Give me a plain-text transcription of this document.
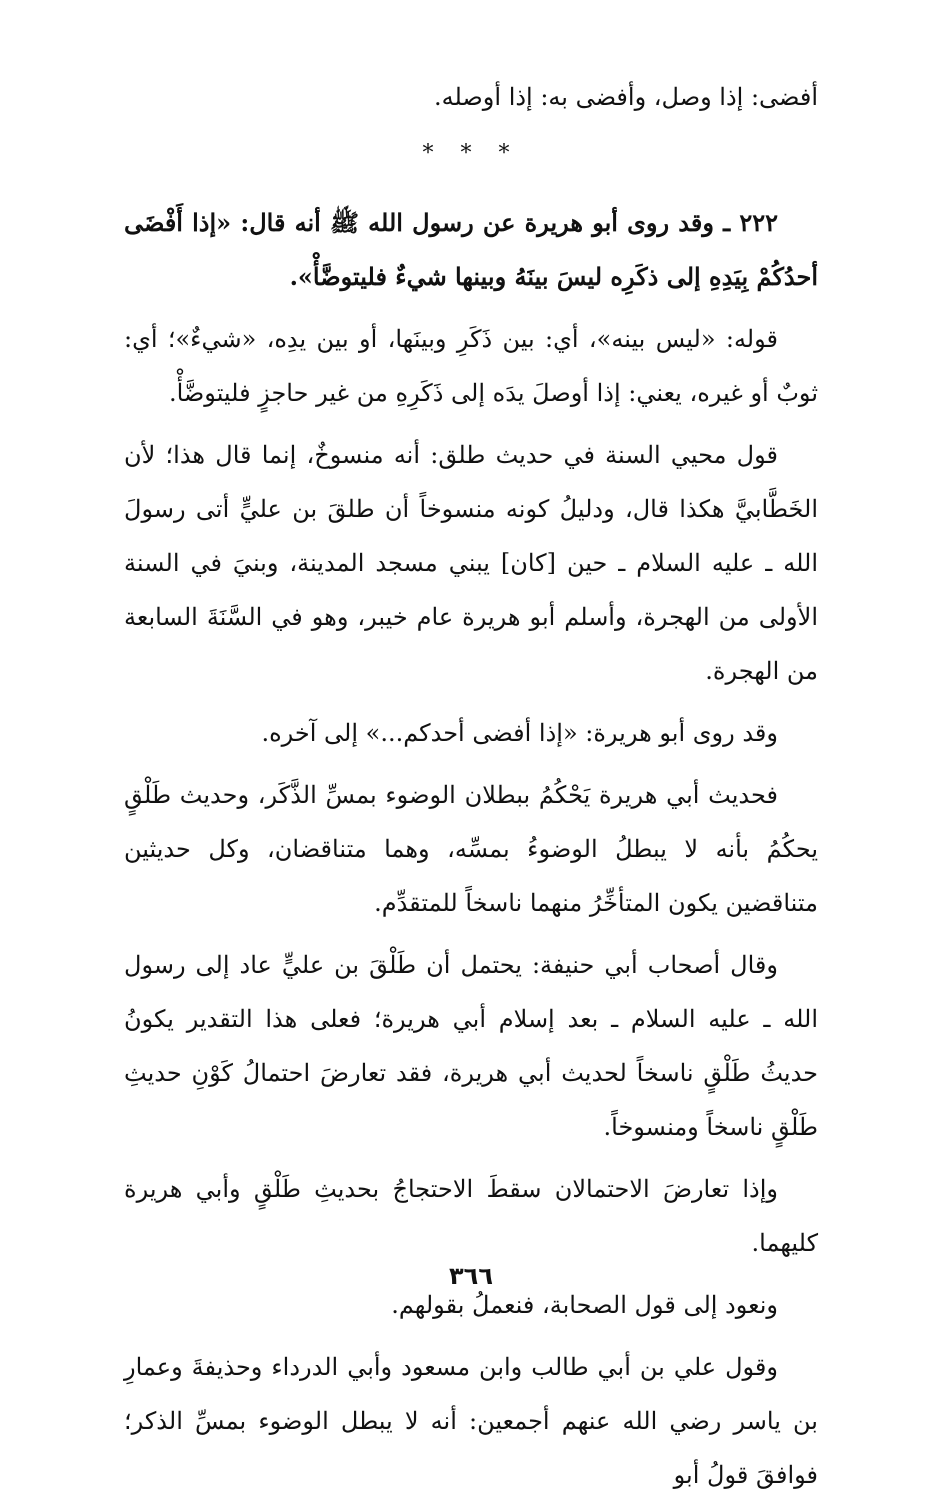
أفضى: إذا وصل، وأفضى به: إذا أوصله.

* * *

٢٢٢ ـ وقد روى أبو هريرة عن رسول الله ﷺ أنه قال: «إذا أَفْضَى أحدُكُمْ بِيَدِهِ إلى ذكَرِه ليسَ بينَهُ وبينها شيءٌ فليتوضَّأْ».

قوله: «ليس بينه»، أي: بين ذَكَرِ وبينَها، أو بين يدِه، «شيءٌ»؛ أي: ثوبٌ أو غيره، يعني: إذا أوصلَ يدَه إلى ذَكَرِهِ من غير حاجزٍ فليتوضَّأْ.

قول محيي السنة في حديث طلق: أنه منسوخٌ، إنما قال هذا؛ لأن الخَطَّابيَّ هكذا قال، ودليلُ كونه منسوخاً أن طلقَ بن عليٍّ أتى رسولَ الله ـ عليه السلام ـ حين [كان] يبني مسجد المدينة، وبنيَ في السنة الأولى من الهجرة، وأسلم أبو هريرة عام خيبر، وهو في السَّنَةَ السابعة من الهجرة.

وقد روى أبو هريرة: «إذا أفضى أحدكم...» إلى آخره.

فحديث أبي هريرة يَحْكُمُ ببطلان الوضوء بمسِّ الذَّكَر، وحديث طَلْقٍ يحكُمُ بأنه لا يبطلُ الوضوءُ بمسِّه، وهما متناقضان، وكل حديثين متناقضين يكون المتأخِّرُ منهما ناسخاً للمتقدِّم.

وقال أصحاب أبي حنيفة: يحتمل أن طَلْقَ بن عليٍّ عاد إلى رسول الله ـ عليه السلام ـ بعد إسلام أبي هريرة؛ فعلى هذا التقدير يكونُ حديثُ طَلْقٍ ناسخاً لحديث أبي هريرة، فقد تعارضَ احتمالُ كَوْنِ حديثِ طَلْقٍ ناسخاً ومنسوخاً.

وإذا تعارضَ الاحتمالان سقطَ الاحتجاجُ بحديثِ طَلْقٍ وأبي هريرة كليهما.

ونعود إلى قول الصحابة، فنعملُ بقولهم.

وقول علي بن أبي طالب وابن مسعود وأبي الدرداء وحذيفةَ وعمارِ بن ياسر رضي الله عنهم أجمعين: أنه لا يبطل الوضوء بمسِّ الذكر؛ فوافقَ قولُ أبو

٣٦٦
